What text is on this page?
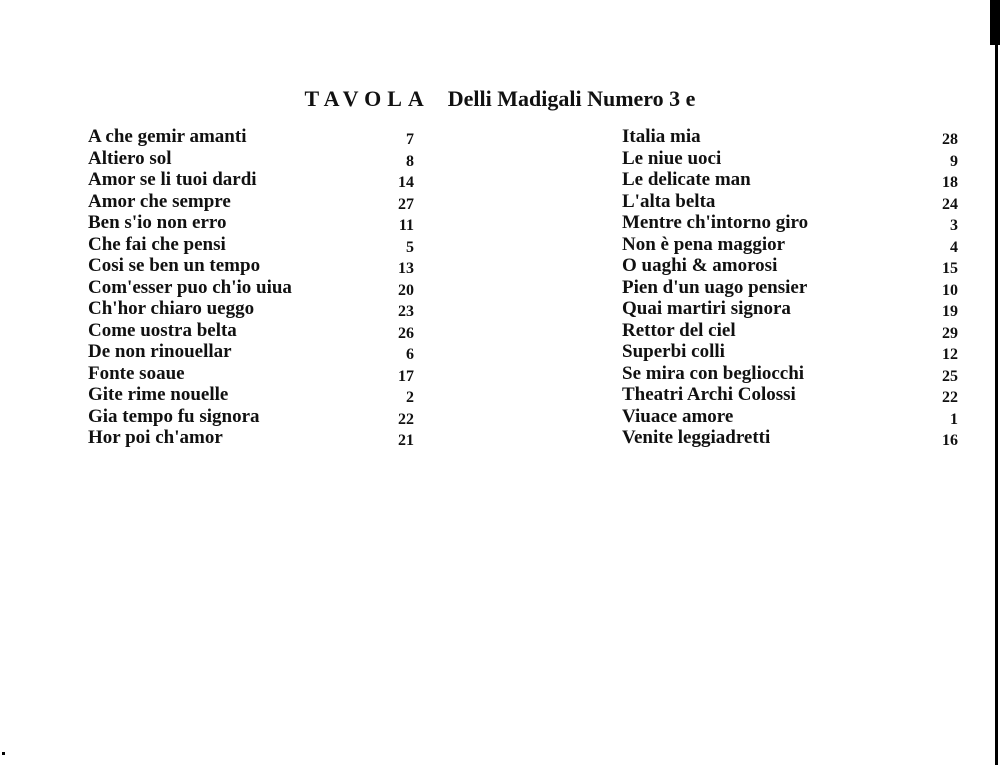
TAVOLA Delli Madigali Numero 3 e
A che gemir amanti	7
Altiero sol	8
Amor se li tuoi dardi	14
Amor che sempre	27
Ben s'io non erro	11
Che fai che pensi	5
Cosi se ben un tempo	13
Com'esser puo ch'io uiua	20
Ch'hor chiaro ueggo	23
Come uostra belta	26
De non rinouellar	6
Fonte soaue	17
Gite rime nouelle	2
Gia tempo fu signora	22
Hor poi ch'amor	21
Italia mia	28
Le niue uoci	9
Le delicate man	18
L'alta belta	24
Mentre ch'intorno giro	3
Non è pena maggior	4
O uaghi & amorosi	15
Pien d'un uago pensier	10
Quai martiri signora	19
Rettor del ciel	29
Superbi colli	12
Se mira con begliocchi	25
Theatri Archi Colossi	22
Viuace amore	1
Venite leggiadretti	16
